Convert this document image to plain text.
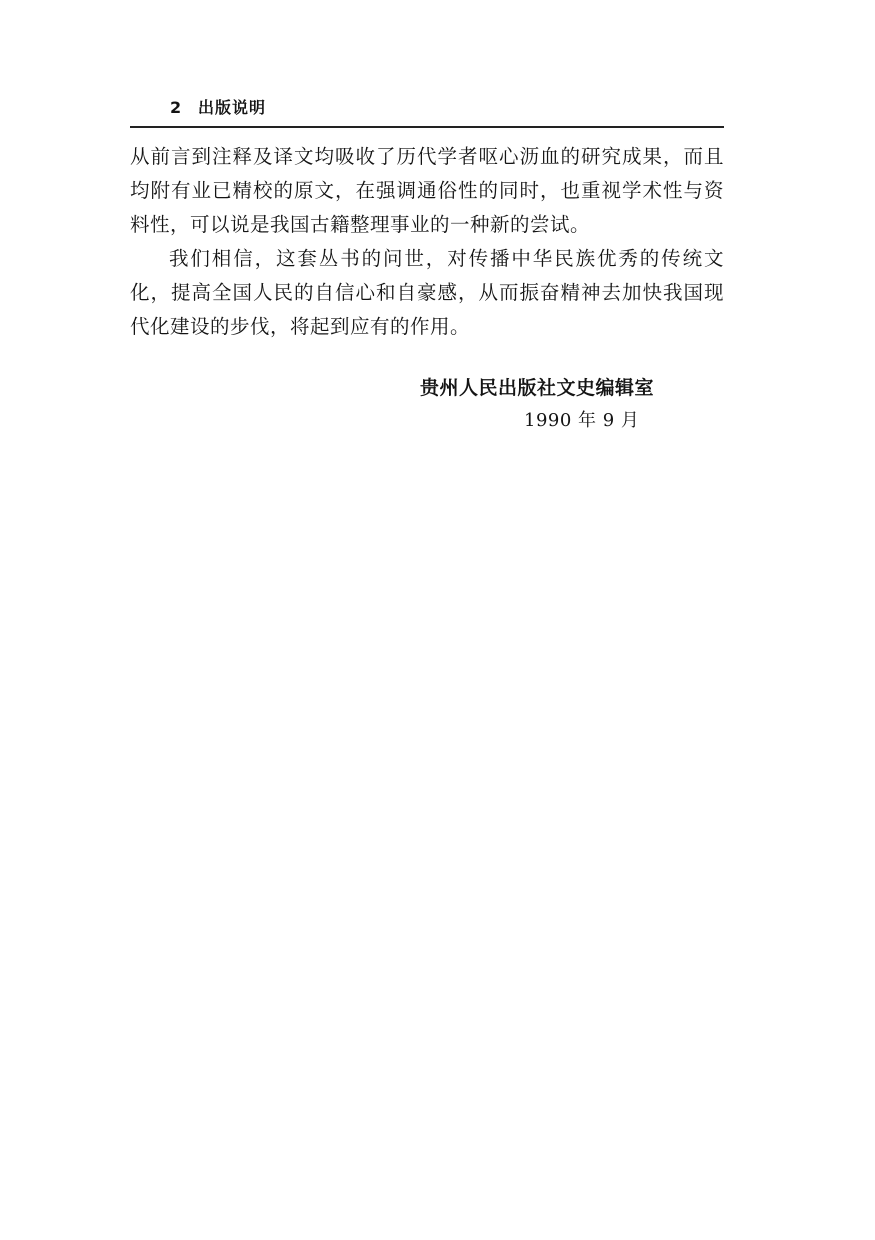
2 出版说明

从前言到注释及译文均吸收了历代学者呕心沥血的研究成果，而且均附有业已精校的原文，在强调通俗性的同时，也重视学术性与资料性，可以说是我国古籍整理事业的一种新的尝试。

我们相信，这套丛书的问世，对传播中华民族优秀的传统文化，提高全国人民的自信心和自豪感，从而振奋精神去加快我国现代化建设的步伐，将起到应有的作用。

贵州人民出版社文史编辑室
1990 年 9 月
